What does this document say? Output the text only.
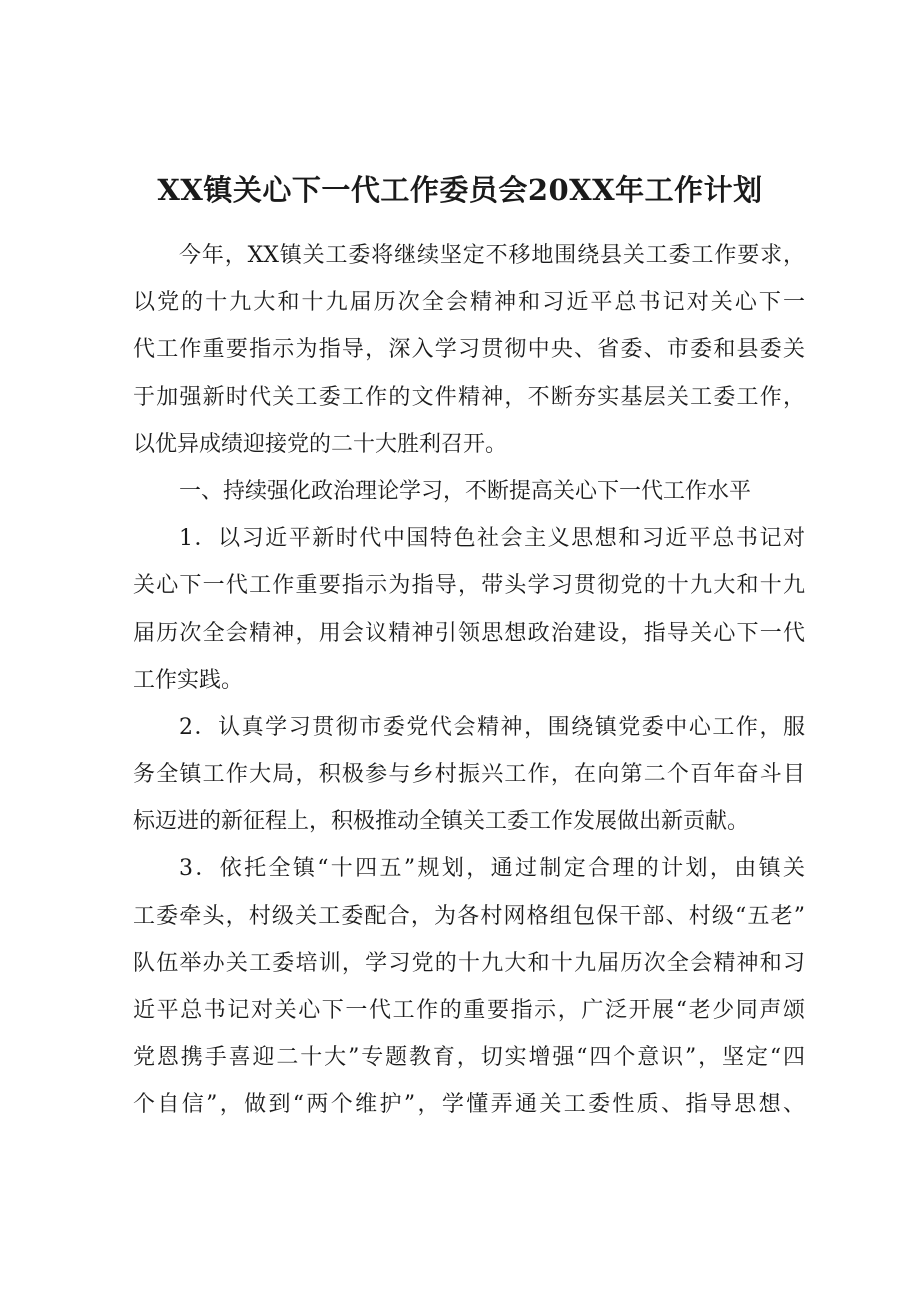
XX镇关心下一代工作委员会20XX年工作计划
今年，XX镇关工委将继续坚定不移地围绕县关工委工作要求，
以党的十九大和十九届历次全会精神和习近平总书记对关心下一
代工作重要指示为指导，深入学习贯彻中央、省委、市委和县委关
于加强新时代关工委工作的文件精神，不断夯实基层关工委工作，
以优异成绩迎接党的二十大胜利召开。
一、持续强化政治理论学习，不断提高关心下一代工作水平
1．以习近平新时代中国特色社会主义思想和习近平总书记对
关心下一代工作重要指示为指导，带头学习贯彻党的十九大和十九
届历次全会精神，用会议精神引领思想政治建设，指导关心下一代
工作实践。
2．认真学习贯彻市委党代会精神，围绕镇党委中心工作，服
务全镇工作大局，积极参与乡村振兴工作，在向第二个百年奋斗目
标迈进的新征程上，积极推动全镇关工委工作发展做出新贡献。
3．依托全镇“十四五”规划，通过制定合理的计划，由镇关
工委牵头，村级关工委配合，为各村网格组包保干部、村级“五老”
队伍举办关工委培训，学习党的十九大和十九届历次全会精神和习
近平总书记对关心下一代工作的重要指示，广泛开展“老少同声颂
党恩携手喜迎二十大”专题教育，切实增强“四个意识”，坚定“四
个自信”，做到“两个维护”，学懂弄通关工委性质、指导思想、
